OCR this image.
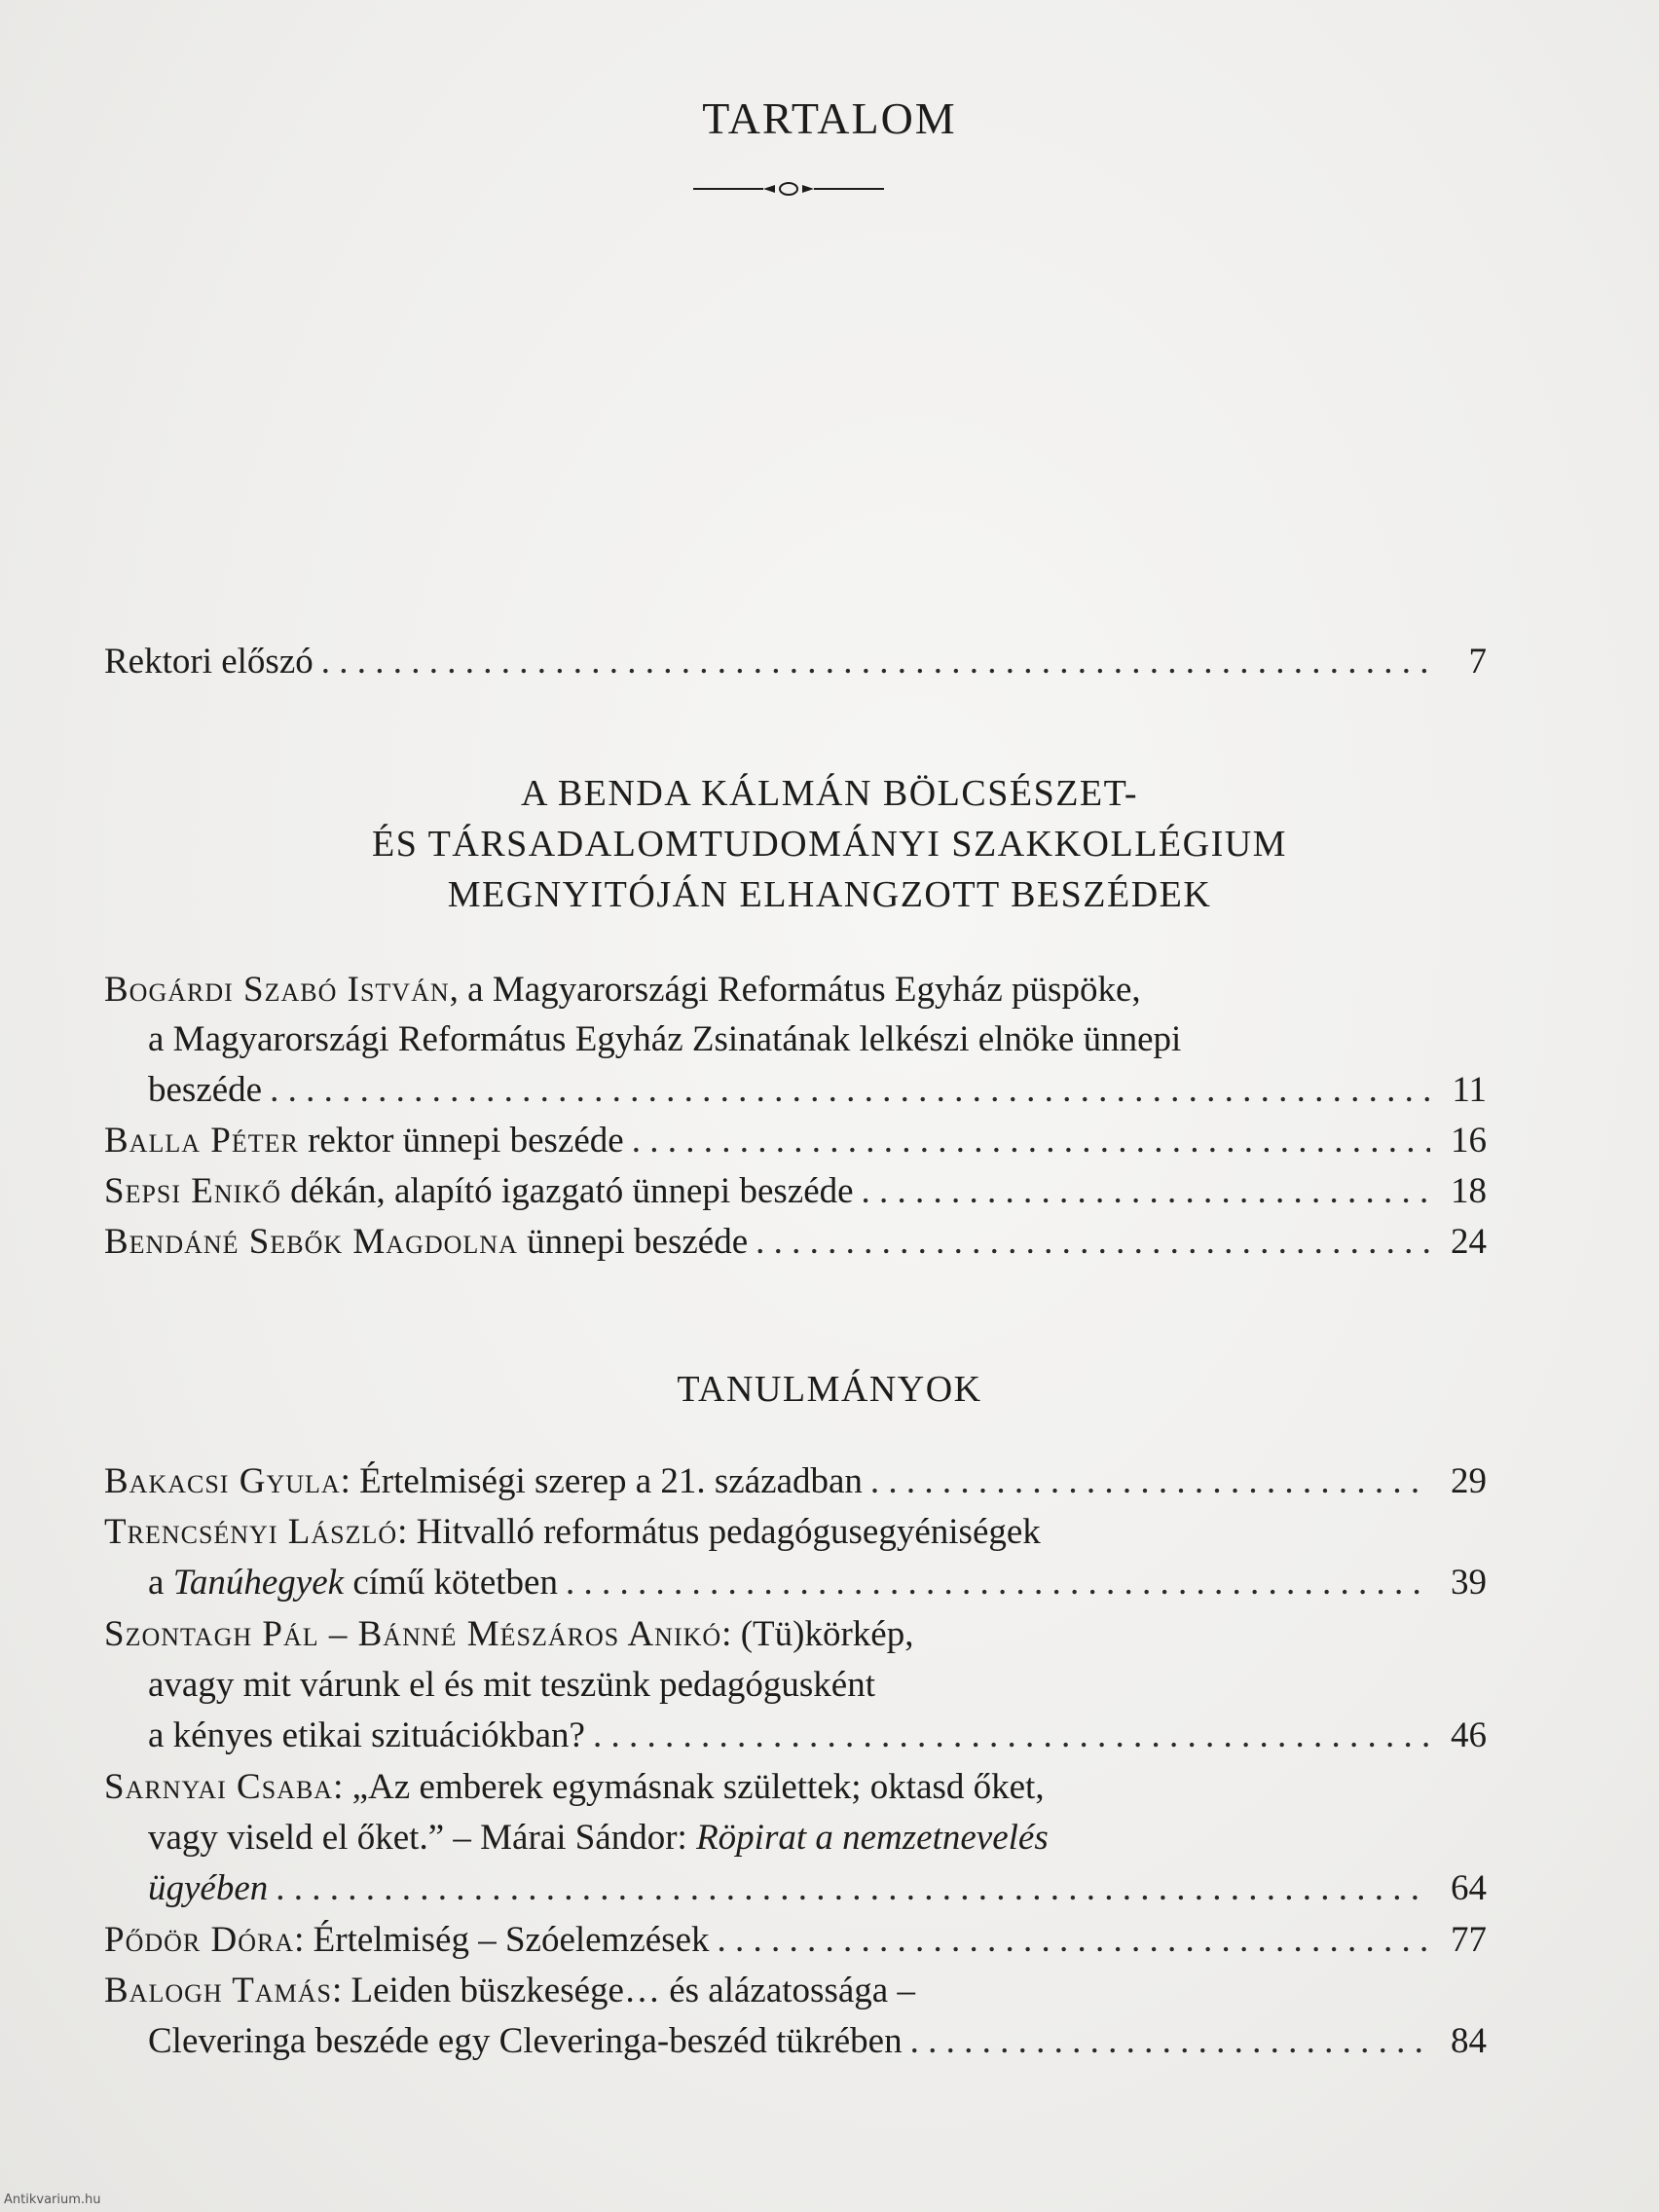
TARTALOM
Rektori előszó . . .	7
A BENDA KÁLMÁN BÖLCSÉSZET-
ÉS TÁRSADALOMTUDOMÁNYI SZAKKOLLÉGIUM
MEGNYITÓJÁN ELHANGZOTT BESZÉDEK
Bogárdi Szabó István, a Magyarországi Református Egyház püspöke,
a Magyarországi Református Egyház Zsinatának lelkészi elnöke ünnepi
beszéde . . .	11
Balla Péter rektor ünnepi beszéde . . .	16
Sepsi Enikő dékán, alapító igazgató ünnepi beszéde . . .	18
Bendáné Sebők Magdolna ünnepi beszéde . . .	24
TANULMÁNYOK
Bakacsi Gyula: Értelmiségi szerep a 21. században . . .	29
Trencsényi László: Hitvalló református pedagógusegyéniségek
a Tanúhegyek című kötetben . . .	39
Szontagh Pál – Bánné Mészáros Anikó: (Tü)körkép,
avagy mit várunk el és mit teszünk pedagógusként
a kényes etikai szituációkban? . . .	46
Sarnyai Csaba: „Az emberek egymásnak születtek; oktasd őket,
vagy viseld el őket.” – Márai Sándor: Röpirat a nemzetnevelés
ügyében . . .	64
Pődör Dóra: Értelmiség – Szóelemzések . . .	77
Balogh Tamás: Leiden büszkesége… és alázatossága –
Cleveringa beszéde egy Cleveringa-beszéd tükrében . . .	84
Antikvarium.hu
